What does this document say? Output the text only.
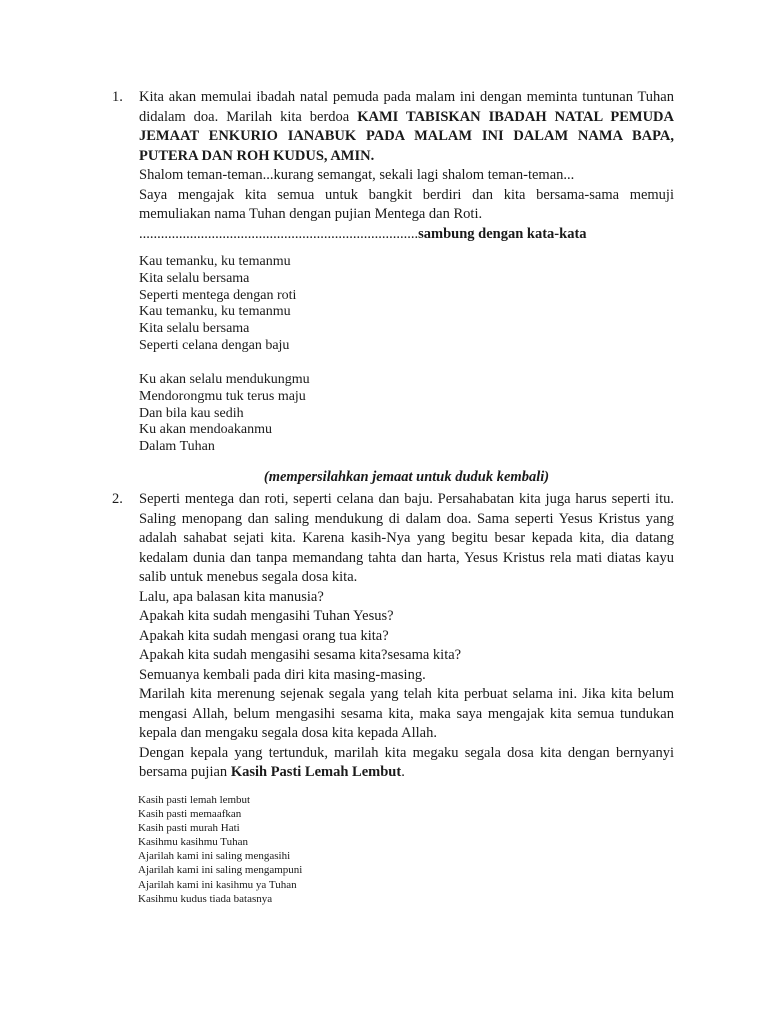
1. Kita akan memulai ibadah natal pemuda pada malam ini dengan meminta tuntunan Tuhan didalam doa. Marilah kita berdoa KAMI TABISKAN IBADAH NATAL PEMUDA JEMAAT ENKURIO IANABUK PADA MALAM INI DALAM NAMA BAPA, PUTERA DAN ROH KUDUS, AMIN.

Shalom teman-teman...kurang semangat, sekali lagi shalom teman-teman...

Saya mengajak kita semua untuk bangkit berdiri dan kita bersama-sama memuji memuliakan nama Tuhan dengan pujian Mentega dan Roti.

.............................................................................sambung dengan kata-kata

Kau temanku, ku temanmu

Kita selalu bersama

Seperti mentega dengan roti

Kau temanku, ku temanmu

Kita selalu bersama

Seperti celana dengan baju

Ku akan selalu mendukungmu

Mendorongmu tuk terus maju

Dan bila kau sedih

Ku akan mendoakanmu

Dalam Tuhan

(mempersilahkan jemaat untuk duduk kembali)

2. Seperti mentega dan roti, seperti celana dan baju. Persahabatan kita juga harus seperti itu. Saling menopang dan saling mendukung di dalam doa. Sama seperti Yesus Kristus yang adalah sahabat sejati kita. Karena kasih-Nya yang begitu besar kepada kita, dia datang kedalam dunia dan tanpa memandang tahta dan harta, Yesus Kristus rela mati diatas kayu salib untuk menebus segala dosa kita.

Lalu, apa balasan kita manusia?

Apakah kita sudah mengasihi Tuhan Yesus?

Apakah kita sudah mengasi orang tua kita?

Apakah kita sudah mengasihi sesama kita?sesama kita?

Semuanya kembali pada diri kita masing-masing.

Marilah kita merenung sejenak segala yang telah kita perbuat selama ini. Jika kita belum mengasi Allah, belum mengasihi sesama kita, maka saya mengajak kita semua tundukan kepala dan mengaku segala dosa kita kepada Allah.

Dengan kepala yang tertunduk, marilah kita megaku segala dosa kita dengan bernyanyi bersama pujian Kasih Pasti Lemah Lembut.

Kasih pasti lemah lembut

Kasih pasti memaafkan

Kasih pasti murah Hati

Kasihmu kasihmu Tuhan

Ajarilah kami ini saling mengasihi

Ajarilah kami ini saling mengampuni

Ajarilah kami ini kasihmu ya Tuhan

Kasihmu kudus tiada batasnya
